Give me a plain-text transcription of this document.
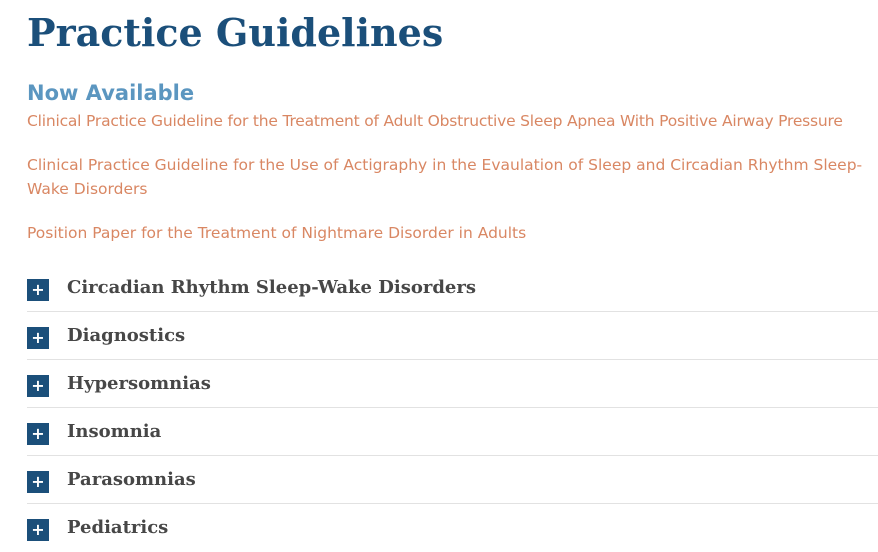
Practice Guidelines
Now Available
Clinical Practice Guideline for the Treatment of Adult Obstructive Sleep Apnea With Positive Airway Pressure
Clinical Practice Guideline for the Use of Actigraphy in the Evaulation of Sleep and Circadian Rhythm Sleep-Wake Disorders
Position Paper for the Treatment of Nightmare Disorder in Adults
+ Circadian Rhythm Sleep-Wake Disorders
+ Diagnostics
+ Hypersomnias
+ Insomnia
+ Parasomnias
+ Pediatrics
